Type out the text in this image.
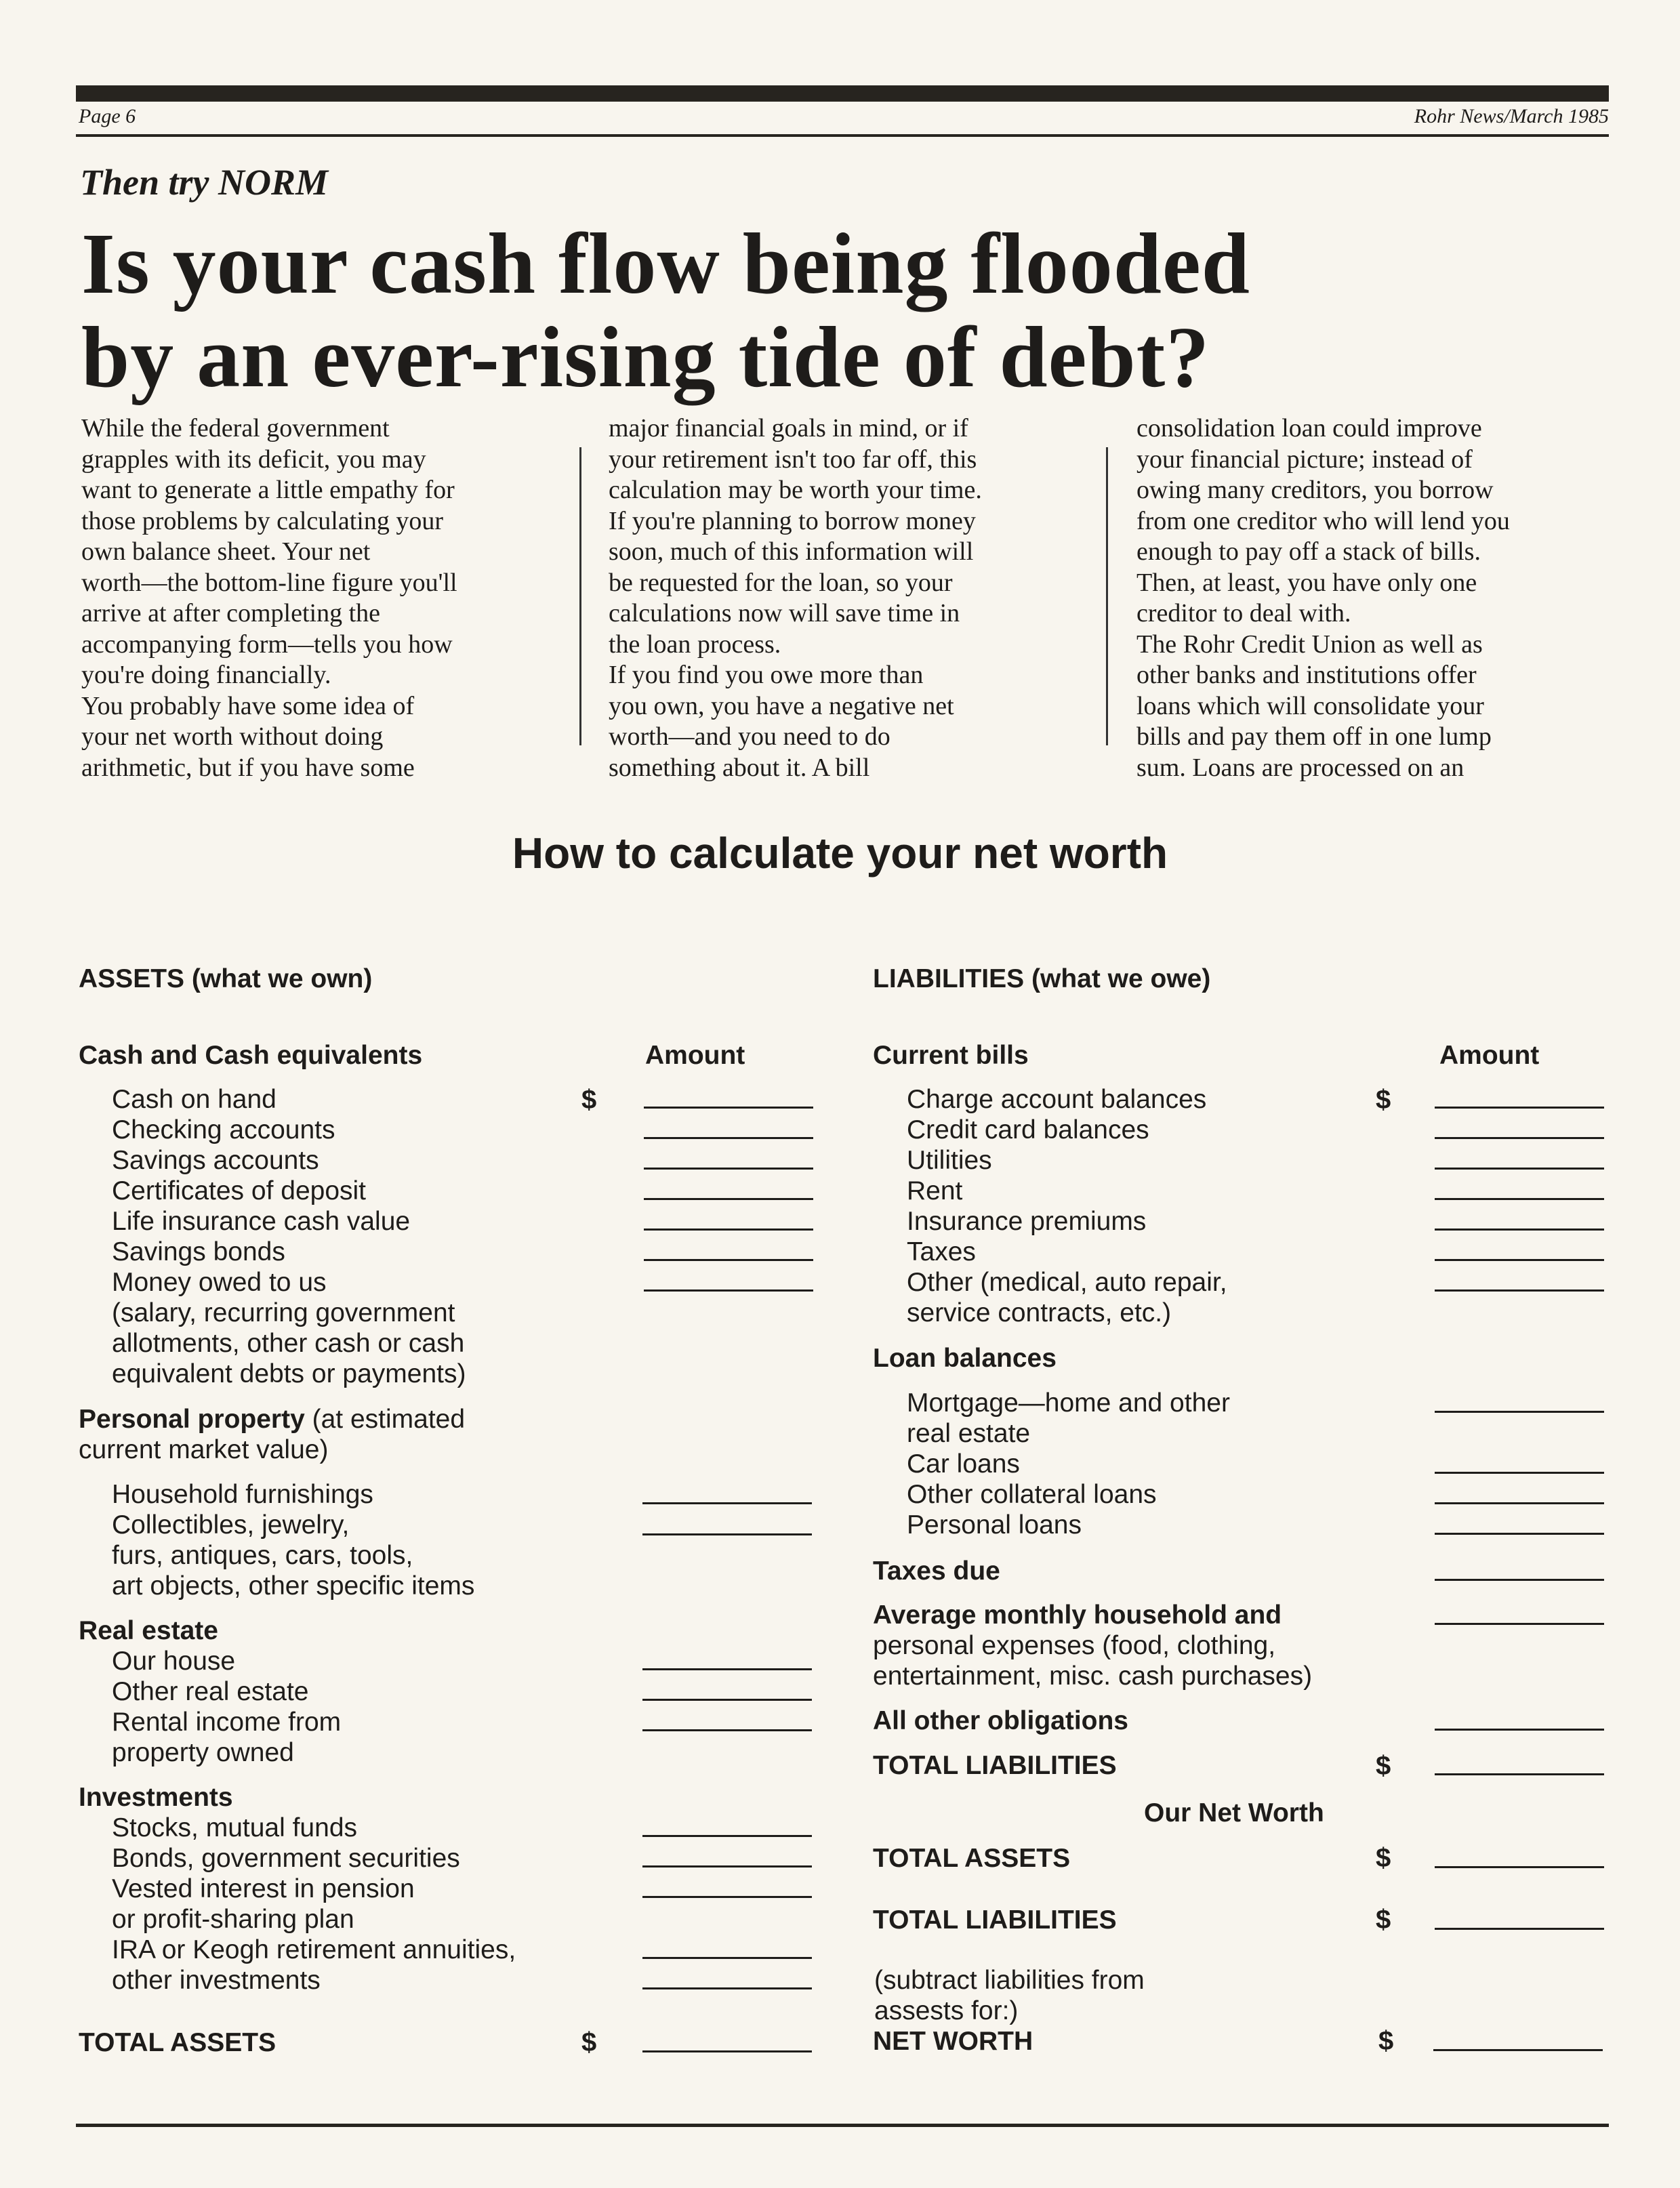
Page 6	Rohr News/March 1985
Then try NORM
Is your cash flow being flooded
by an ever-rising tide of debt?
While the federal government
grapples with its deficit, you may
want to generate a little empathy for
those problems by calculating your
own balance sheet. Your net
worth—the bottom-line figure you'll
arrive at after completing the
accompanying form—tells you how
you're doing financially.
You probably have some idea of
your net worth without doing
arithmetic, but if you have some
major financial goals in mind, or if
your retirement isn't too far off, this
calculation may be worth your time.
If you're planning to borrow money
soon, much of this information will
be requested for the loan, so your
calculations now will save time in
the loan process.
If you find you owe more than
you own, you have a negative net
worth—and you need to do
something about it. A bill
consolidation loan could improve
your financial picture; instead of
owing many creditors, you borrow
from one creditor who will lend you
enough to pay off a stack of bills.
Then, at least, you have only one
creditor to deal with.
The Rohr Credit Union as well as
other banks and institutions offer
loans which will consolidate your
bills and pay them off in one lump
sum. Loans are processed on an
How to calculate your net worth
ASSETS (what we own)
Cash and Cash equivalents	Amount
$
Cash on hand
Checking accounts
Savings accounts
Certificates of deposit
Life insurance cash value
Savings bonds
Money owed to us
(salary, recurring government
allotments, other cash or cash
equivalent debts or payments)
Personal property (at estimated
current market value)
Household furnishings
Collectibles, jewelry,
furs, antiques, cars, tools,
art objects, other specific items
Real estate
Our house
Other real estate
Rental income from
property owned
Investments
Stocks, mutual funds
Bonds, government securities
Vested interest in pension
or profit-sharing plan
IRA or Keogh retirement annuities,
other investments
TOTAL ASSETS	$
LIABILITIES (what we owe)
Current bills	Amount
$
Charge account balances
Credit card balances
Utilities
Rent
Insurance premiums
Taxes
Other (medical, auto repair,
service contracts, etc.)
Loan balances
Mortgage—home and other
real estate
Car loans
Other collateral loans
Personal loans
Taxes due
Average monthly household and
personal expenses (food, clothing,
entertainment, misc. cash purchases)
All other obligations
TOTAL LIABILITIES	$
Our Net Worth
TOTAL ASSETS	$
TOTAL LIABILITIES	$
(subtract liabilities from
assests for:)
NET WORTH	$
